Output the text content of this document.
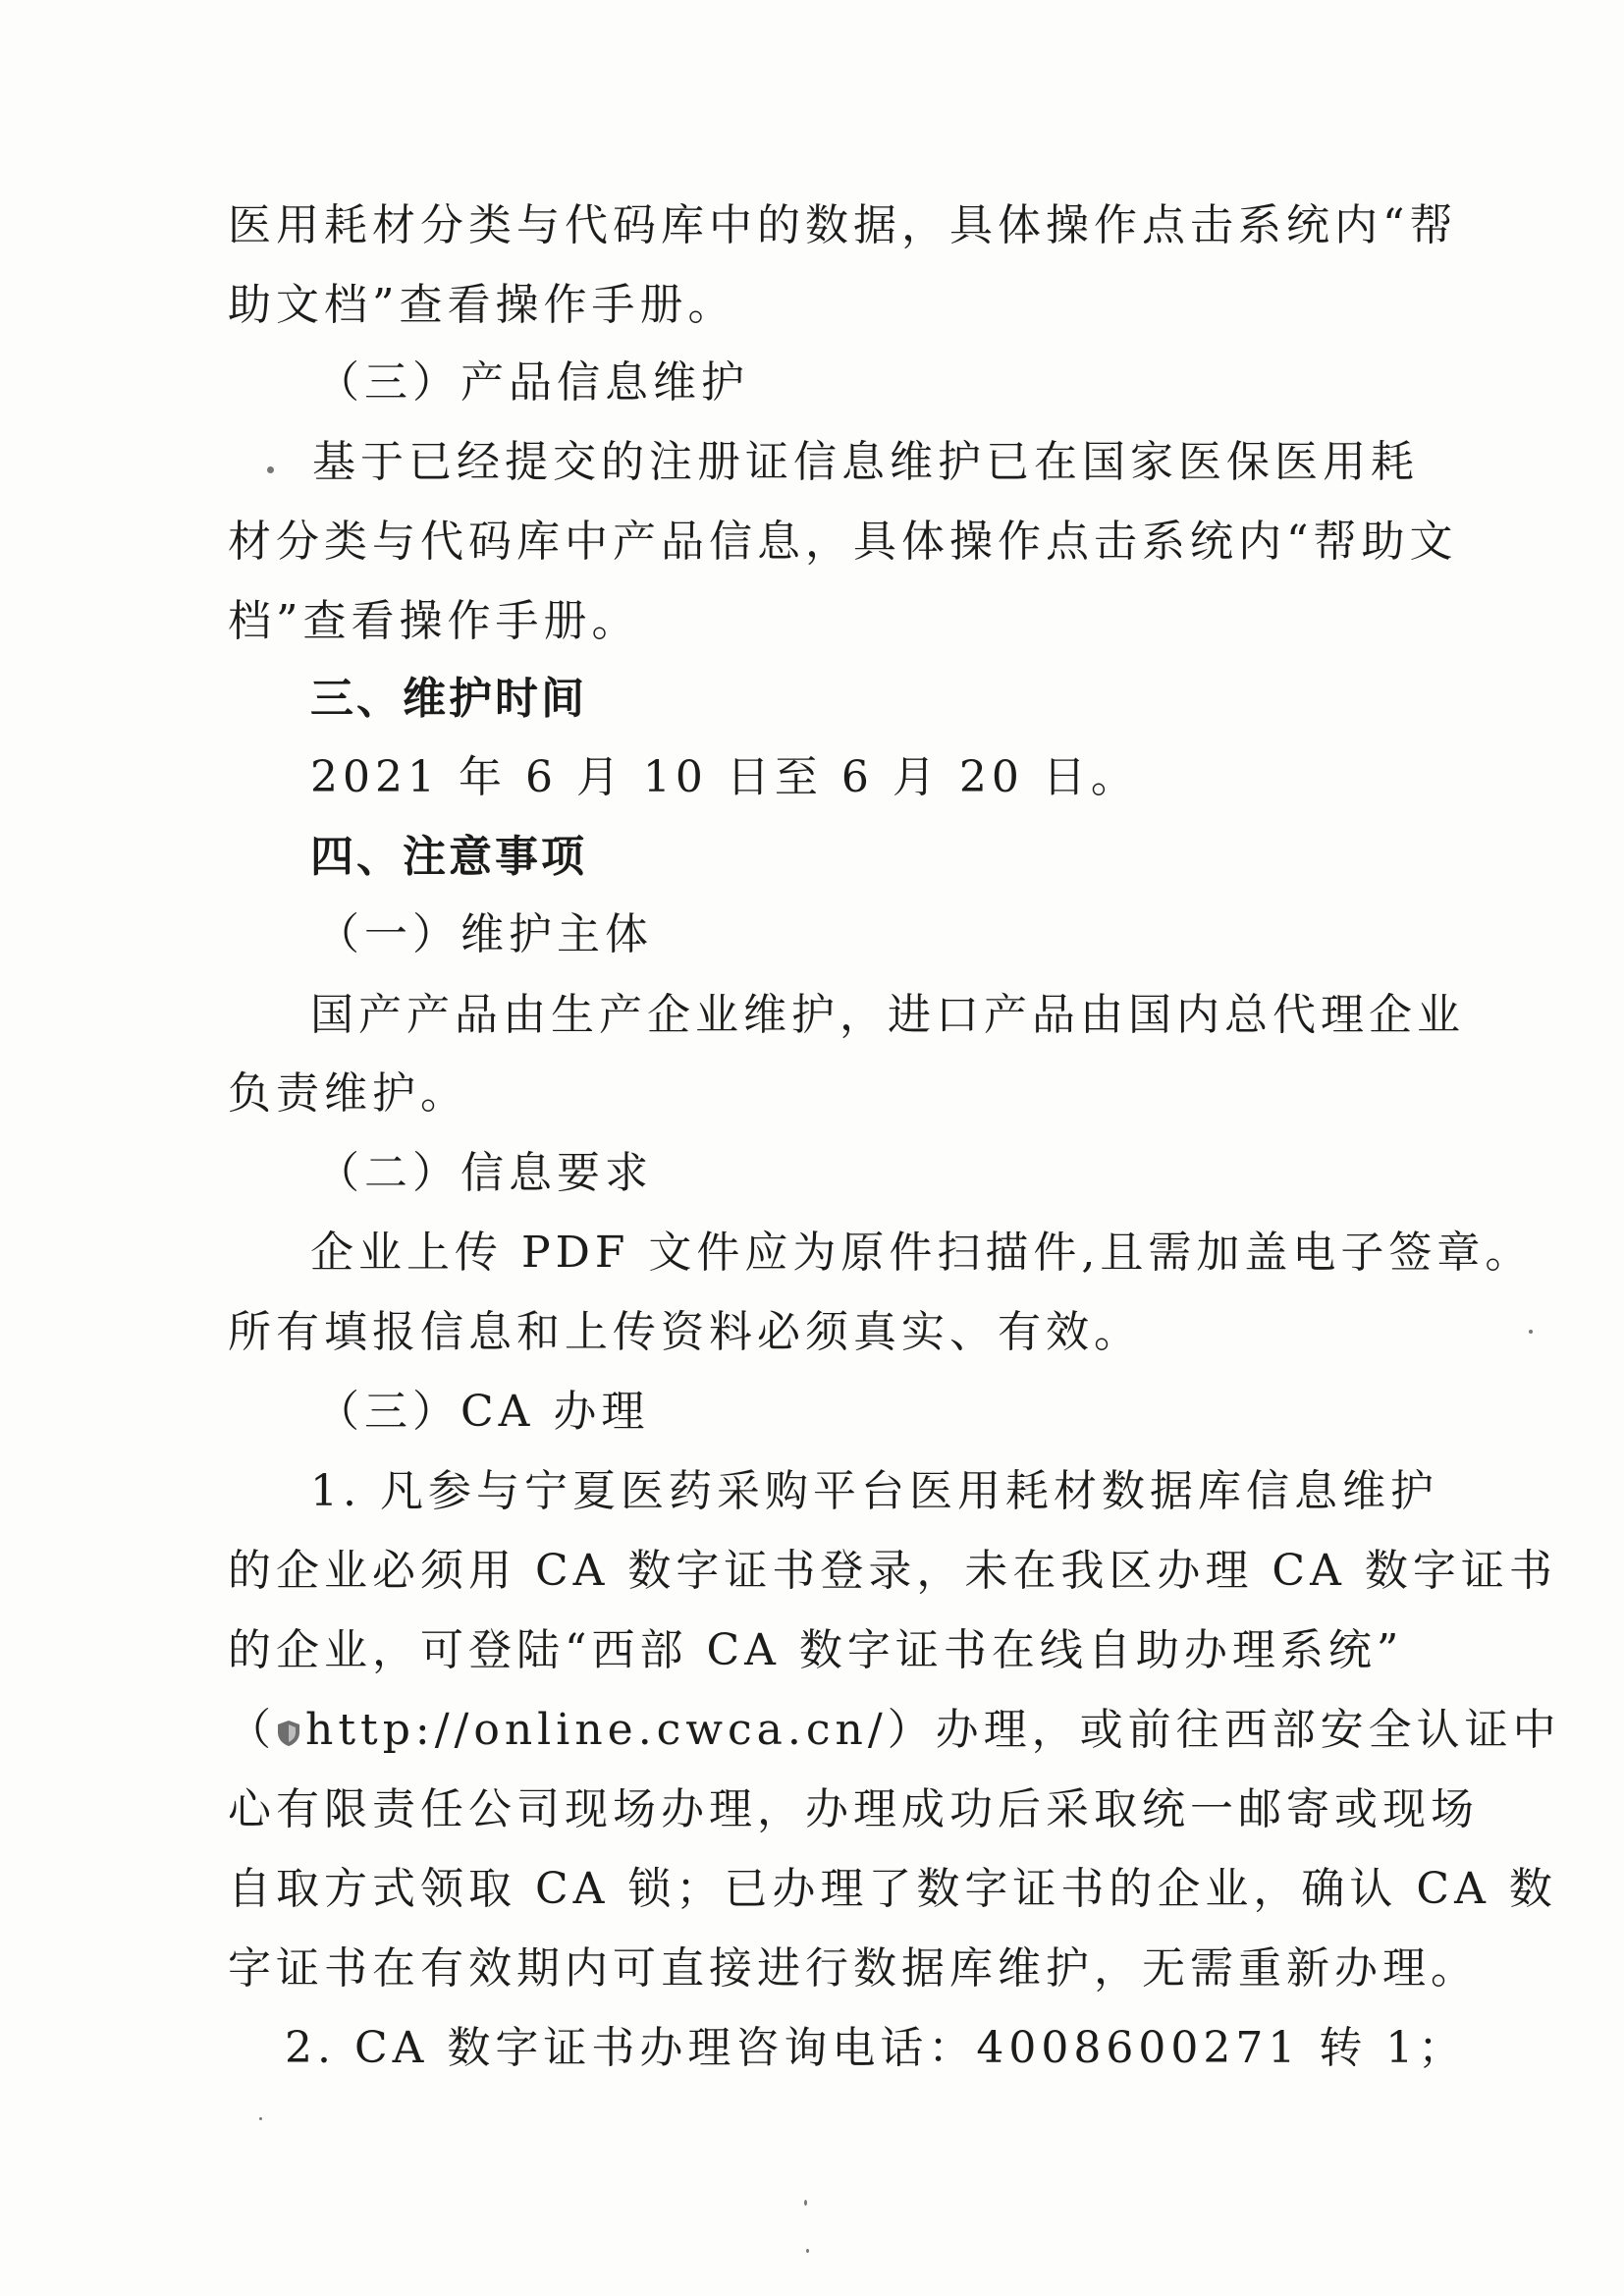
医用耗材分类与代码库中的数据，具体操作点击系统内“帮
助文档”查看操作手册。
（三）产品信息维护
基于已经提交的注册证信息维护已在国家医保医用耗
材分类与代码库中产品信息，具体操作点击系统内“帮助文
档”查看操作手册。
三、维护时间
2021 年 6 月 10 日至 6 月 20 日。
四、注意事项
（一）维护主体
国产产品由生产企业维护，进口产品由国内总代理企业
负责维护。
（二）信息要求
企业上传 PDF 文件应为原件扫描件,且需加盖电子签章。
所有填报信息和上传资料必须真实、有效。
（三）CA 办理
1. 凡参与宁夏医药采购平台医用耗材数据库信息维护
的企业必须用 CA 数字证书登录，未在我区办理 CA 数字证书
的企业，可登陆“西部 CA 数字证书在线自助办理系统”
（ http://online.cwca.cn/）办理，或前往西部安全认证中
心有限责任公司现场办理，办理成功后采取统一邮寄或现场
自取方式领取 CA 锁；已办理了数字证书的企业，确认 CA 数
字证书在有效期内可直接进行数据库维护，无需重新办理。
2. CA 数字证书办理咨询电话：4008600271 转 1；
